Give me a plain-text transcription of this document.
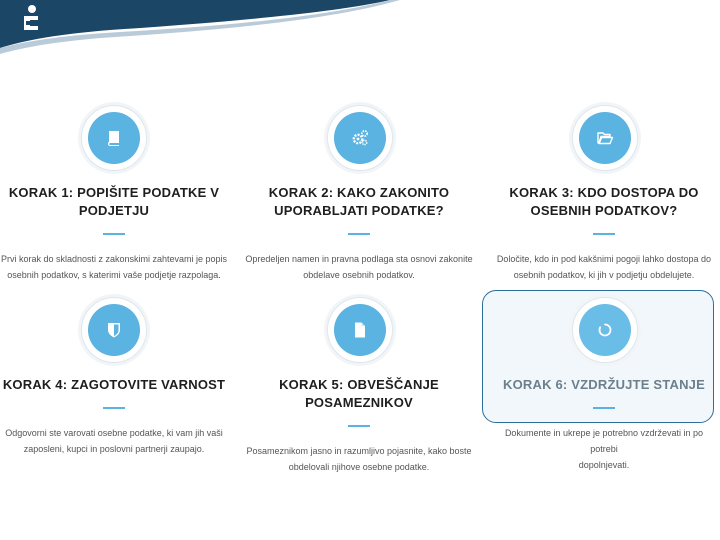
KORAK 1: POPIŠITE PODATKE V
PODJETJU
Prvi korak do skladnosti z zakonskimi zahtevami je popis
osebnih podatkov, s katerimi vaše podjetje razpolaga.
KORAK 2: KAKO ZAKONITO
UPORABLJATI PODATKE?
Opredeljen namen in pravna podlaga sta osnovi zakonite
obdelave osebnih podatkov.
KORAK 3: KDO DOSTOPA DO
OSEBNIH PODATKOV?
Določite, kdo in pod kakšnimi pogoji lahko dostopa do
osebnih podatkov, ki jih v podjetju obdelujete.
KORAK 4: ZAGOTOVITE VARNOST
Odgovorni ste varovati osebne podatke, ki vam jih vaši
zaposleni, kupci in poslovni partnerji zaupajo.
KORAK 5: OBVEŠČANJE
POSAMEZNIKOV
Posameznikom jasno in razumljivo pojasnite, kako boste
obdelovali njihove osebne podatke.
KORAK 6: VZDRŽUJTE STANJE
Dokumente in ukrepe je potrebno vzdrževati in po potrebi
dopolnjevati.
